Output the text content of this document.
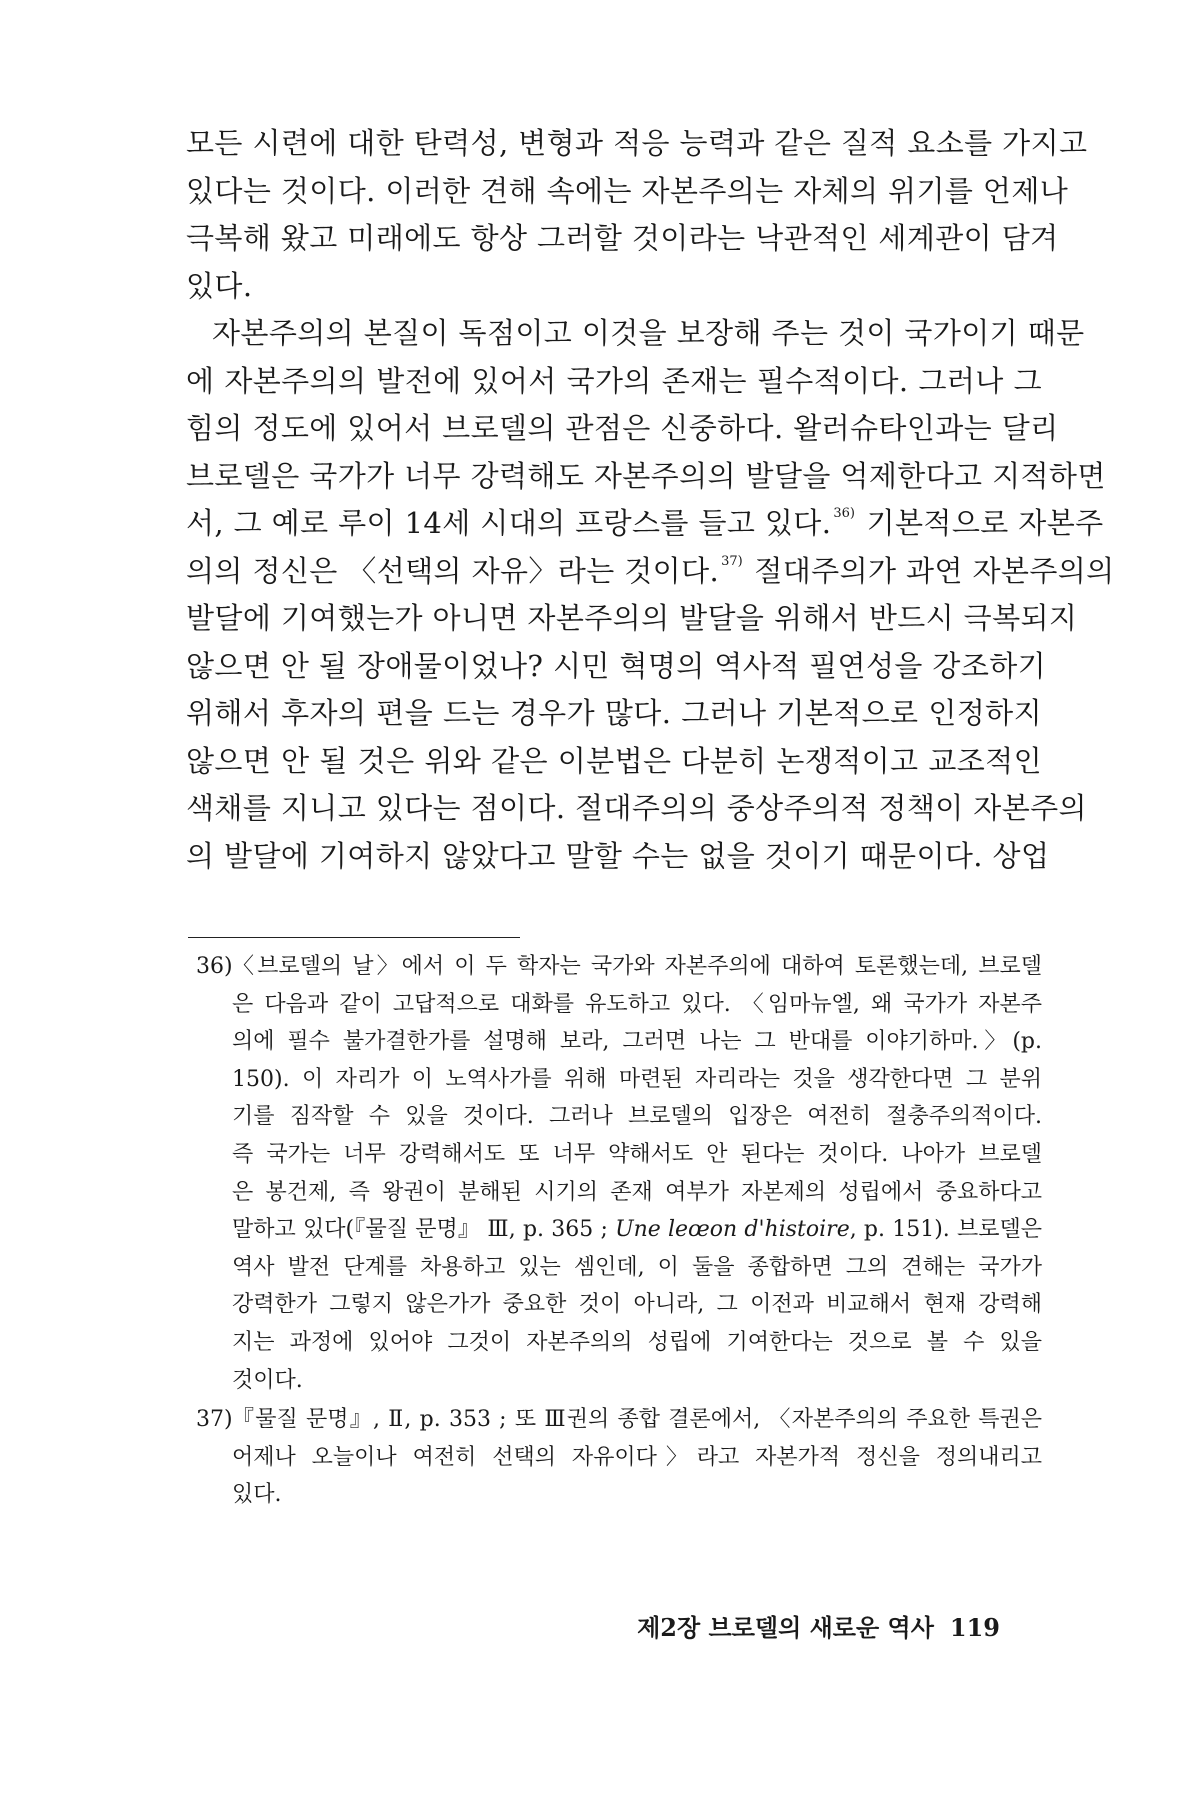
모든 시련에 대한 탄력성, 변형과 적응 능력과 같은 질적 요소를 가지고
있다는 것이다. 이러한 견해 속에는 자본주의는 자체의 위기를 언제나
극복해 왔고 미래에도 항상 그러할 것이라는 낙관적인 세계관이 담겨
있다.
자본주의의 본질이 독점이고 이것을 보장해 주는 것이 국가이기 때문
에 자본주의의 발전에 있어서 국가의 존재는 필수적이다. 그러나 그
힘의 정도에 있어서 브로델의 관점은 신중하다. 왈러슈타인과는 달리
브로델은 국가가 너무 강력해도 자본주의의 발달을 억제한다고 지적하면
서, 그 예로 루이 14세 시대의 프랑스를 들고 있다. $^{36)}$ 기본적으로 자본주
의의 정신은 〈선택의 자유〉라는 것이다. $^{37)}$ 절대주의가 과연 자본주의의
발달에 기여했는가 아니면 자본주의의 발달을 위해서 반드시 극복되지
않으면 안 될 장애물이었나? 시민 혁명의 역사적 필연성을 강조하기
위해서 후자의 편을 드는 경우가 많다. 그러나 기본적으로 인정하지
않으면 안 될 것은 위와 같은 이분법은 다분히 논쟁적이고 교조적인
색채를 지니고 있다는 점이다. 절대주의의 중상주의적 정책이 자본주의
의 발달에 기여하지 않았다고 말할 수는 없을 것이기 때문이다. 상업
36) 〈브로델의 날〉에서 이 두 학자는 국가와 자본주의에 대하여 토론했는데, 브로델
은 다음과 같이 고답적으로 대화를 유도하고 있다. 〈임마뉴엘, 왜 국가가 자본주
의에 필수 불가결한가를 설명해 보라, 그러면 나는 그 반대를 이야기하마.〉(p.
150). 이 자리가 이 노역사가를 위해 마련된 자리라는 것을 생각한다면 그 분위
기를 짐작할 수 있을 것이다. 그러나 브로델의 입장은 여전히 절충주의적이다.
즉 국가는 너무 강력해서도 또 너무 약해서도 안 된다는 것이다. 나아가 브로델
은 봉건제, 즉 왕권이 분해된 시기의 존재 여부가 자본제의 성립에서 중요하다고
말하고 있다(『물질 문명』 Ⅲ, p. 365 ; Une leœon d'histoire, p. 151). 브로델은
역사 발전 단계를 차용하고 있는 셈인데, 이 둘을 종합하면 그의 견해는 국가가
강력한가 그렇지 않은가가 중요한 것이 아니라, 그 이전과 비교해서 현재 강력해
지는 과정에 있어야 그것이 자본주의의 성립에 기여한다는 것으로 볼 수 있을
것이다.
37) 『물질 문명』, Ⅱ, p. 353 ; 또 Ⅲ권의 종합 결론에서, 〈자본주의의 주요한 특권은
어제나 오늘이나 여전히 선택의 자유이다〉라고 자본가적 정신을 정의내리고
있다.
제2장 브로델의 새로운 역사 119
